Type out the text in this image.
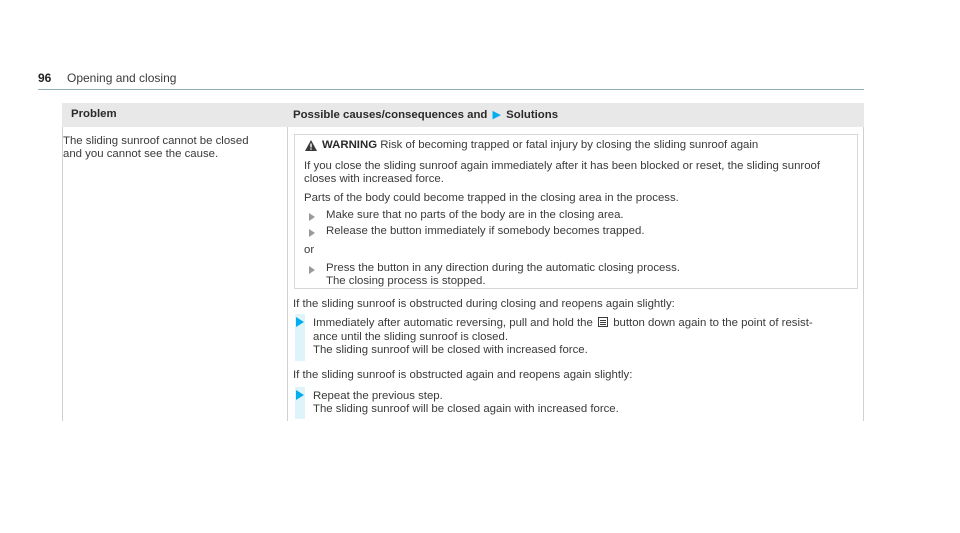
96 Opening and closing
Problem	Possible causes/consequences and ▶ Solutions
The sliding sunroof cannot be closed
and you cannot see the cause.
WARNING Risk of becoming trapped or fatal injury by closing the sliding sunroof again
If you close the sliding sunroof again immediately after it has been blocked or reset, the sliding sunroof
closes with increased force.
Parts of the body could become trapped in the closing area in the process.
Make sure that no parts of the body are in the closing area.
Release the button immediately if somebody becomes trapped.
or
Press the button in any direction during the automatic closing process.
The closing process is stopped.
If the sliding sunroof is obstructed during closing and reopens again slightly:
Immediately after automatic reversing, pull and hold the button down again to the point of resist-
ance until the sliding sunroof is closed.
The sliding sunroof will be closed with increased force.
If the sliding sunroof is obstructed again and reopens again slightly:
Repeat the previous step.
The sliding sunroof will be closed again with increased force.
